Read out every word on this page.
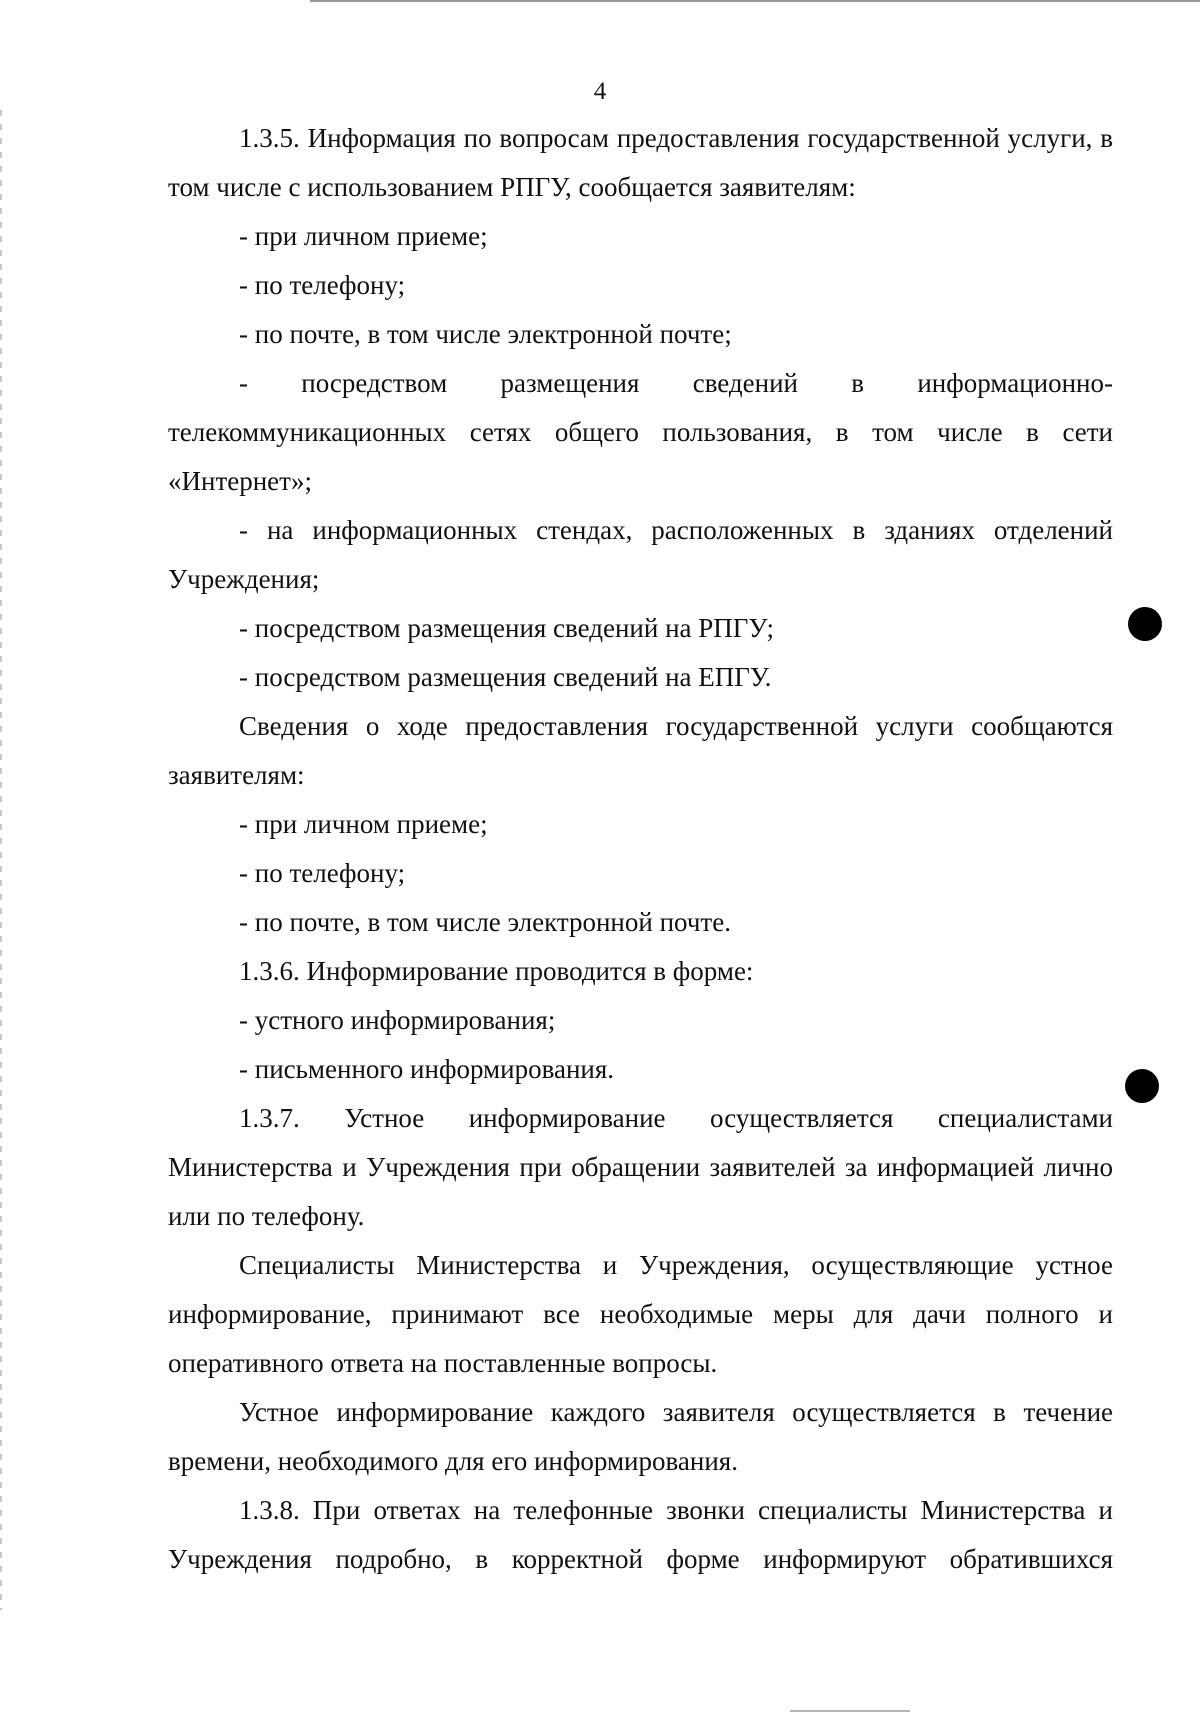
4

1.3.5. Информация по вопросам предоставления государственной услуги, в том числе с использованием РПГУ, сообщается заявителям:

- при личном приеме;

- по телефону;

- по почте, в том числе электронной почте;

- посредством размещения сведений в информационно-телекоммуникационных сетях общего пользования, в том числе в сети «Интернет»;

- на информационных стендах, расположенных в зданиях отделений Учреждения;

- посредством размещения сведений на РПГУ;

- посредством размещения сведений на ЕПГУ.

Сведения о ходе предоставления государственной услуги сообщаются заявителям:

- при личном приеме;

- по телефону;

- по почте, в том числе электронной почте.

1.3.6. Информирование проводится в форме:

- устного информирования;

- письменного информирования.

1.3.7. Устное информирование осуществляется специалистами Министерства и Учреждения при обращении заявителей за информацией лично или по телефону.

Специалисты Министерства и Учреждения, осуществляющие устное информирование, принимают все необходимые меры для дачи полного и оперативного ответа на поставленные вопросы.

Устное информирование каждого заявителя осуществляется в течение времени, необходимого для его информирования.

1.3.8. При ответах на телефонные звонки специалисты Министерства и Учреждения подробно, в корректной форме информируют обратившихся
